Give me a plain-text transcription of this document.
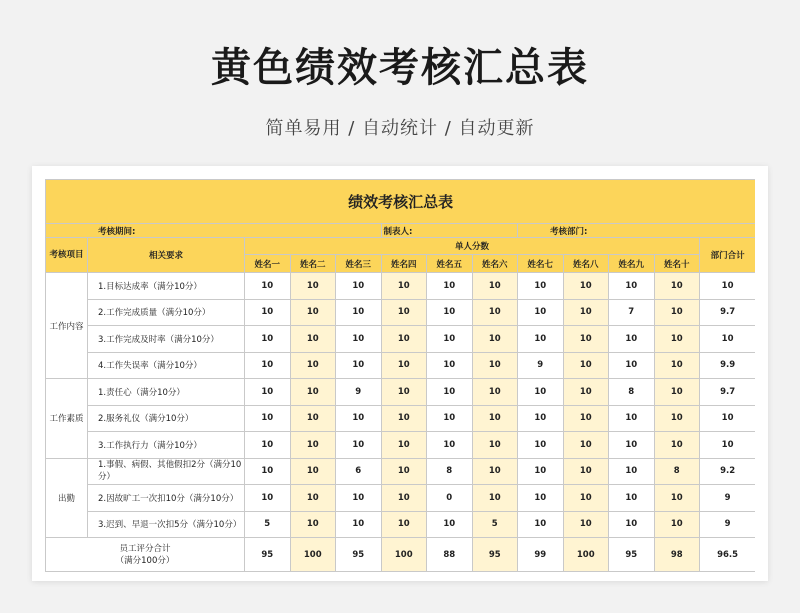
黄色绩效考核汇总表
简单易用 / 自动统计 / 自动更新
绩效考核汇总表												
考核期间:					制表人:			考核部门:				
考核项目	相关要求	单人分数										部门合计
		姓名一	姓名二	姓名三	姓名四	姓名五	姓名六	姓名七	姓名八	姓名九	姓名十	
工作内容	1.目标达成率（满分10分）	10	10	10	10	10	10	10	10	10	10	10
	2.工作完成质量（满分10分）	10	10	10	10	10	10	10	10	7	10	9.7
	3.工作完成及时率（满分10分）	10	10	10	10	10	10	10	10	10	10	10
	4.工作失误率（满分10分）	10	10	10	10	10	10	9	10	10	10	9.9
工作素质	1.责任心（满分10分）	10	10	9	10	10	10	10	10	8	10	9.7
	2.服务礼仪（满分10分）	10	10	10	10	10	10	10	10	10	10	10
	3.工作执行力（满分10分）	10	10	10	10	10	10	10	10	10	10	10
出勤	1.事假、病假、其他假扣2分（满分10
分）	10	10	6	10	8	10	10	10	10	8	9.2
	2.因故旷工一次扣10分（满分10分）	10	10	10	10	0	10	10	10	10	10	9
	3.迟到、早退一次扣5分（满分10分）	5	10	10	10	10	5	10	10	10	10	9

员工评分合计
（满分100分）		95	100	95	100	88	95	99	100	95	98	96.5
